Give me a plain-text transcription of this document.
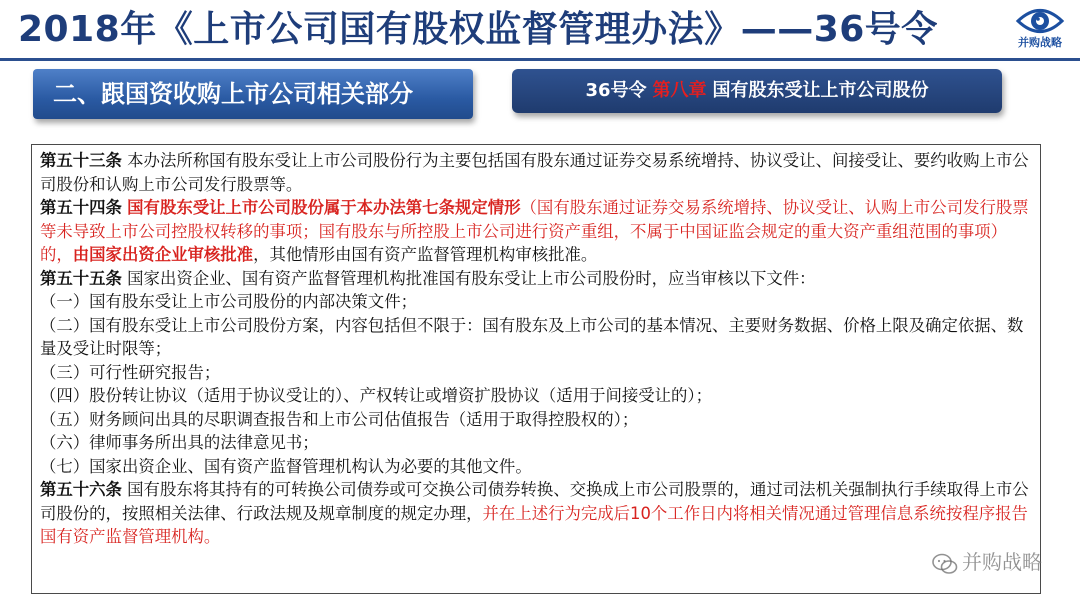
2018年《上市公司国有股权监督管理办法》——36号令	并购战略
二、跟国资收购上市公司相关部分	36号令 第八章 国有股东受让上市公司股份

第五十三条 本办法所称国有股东受让上市公司股份行为主要包括国有股东通过证券交易系统增持、协议受让、间接受让、要约收购上市公司股份和认购上市公司发行股票等。

第五十四条 国有股东受让上市公司股份属于本办法第七条规定情形（国有股东通过证券交易系统增持、协议受让、认购上市公司发行股票等未导致上市公司控股权转移的事项；国有股东与所控股上市公司进行资产重组，不属于中国证监会规定的重大资产重组范围的事项）的，由国家出资企业审核批准，其他情形由国有资产监督管理机构审核批准。

第五十五条 国家出资企业、国有资产监督管理机构批准国有股东受让上市公司股份时，应当审核以下文件：

（一）国有股东受让上市公司股份的内部决策文件；

（二）国有股东受让上市公司股份方案，内容包括但不限于：国有股东及上市公司的基本情况、主要财务数据、价格上限及确定依据、数量及受让时限等；

（三）可行性研究报告；

（四）股份转让协议（适用于协议受让的）、产权转让或增资扩股协议（适用于间接受让的）；

（五）财务顾问出具的尽职调查报告和上市公司估值报告（适用于取得控股权的）；

（六）律师事务所出具的法律意见书；

（七）国家出资企业、国有资产监督管理机构认为必要的其他文件。

第五十六条 国有股东将其持有的可转换公司债券或可交换公司债券转换、交换成上市公司股票的，通过司法机关强制执行手续取得上市公司股份的，按照相关法律、行政法规及规章制度的规定办理，并在上述行为完成后10个工作日内将相关情况通过管理信息系统按程序报告国有资产监督管理机构。

并购战略
